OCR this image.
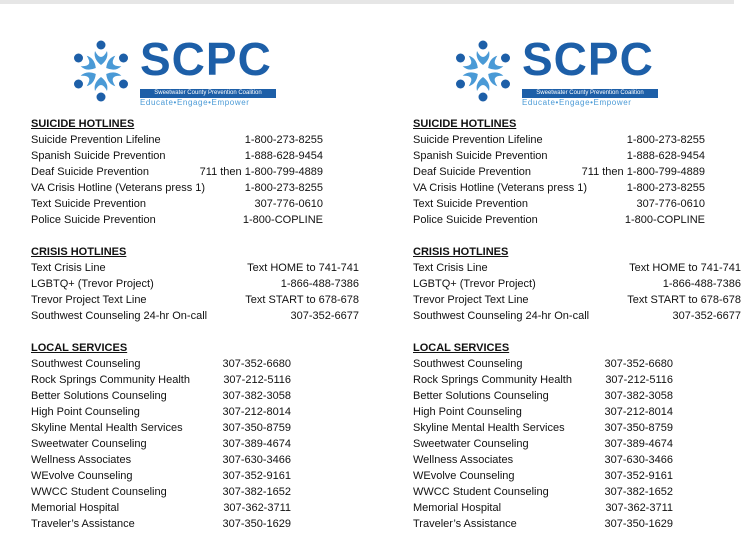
SCPC
Sweetwater County Prevention Coalition
Educate•Engage•Empower
SUICIDE HOTLINES
Suicide Prevention Lifeline	1-800-273-8255
Spanish Suicide Prevention	1-888-628-9454
Deaf Suicide Prevention	711 then 1-800-799-4889
VA Crisis Hotline (Veterans press 1)	1-800-273-8255
Text Suicide Prevention	307-776-0610
Police Suicide Prevention	1-800-COPLINE
CRISIS HOTLINES
Text Crisis Line	Text HOME to 741-741
LGBTQ+ (Trevor Project)	1-866-488-7386
Trevor Project Text Line	Text START to 678-678
Southwest Counseling 24-hr On-call	307-352-6677
LOCAL SERVICES
Southwest Counseling	307-352-6680
Rock Springs Community Health	307-212-5116
Better Solutions Counseling	307-382-3058
High Point Counseling	307-212-8014
Skyline Mental Health Services	307-350-8759
Sweetwater Counseling	307-389-4674
Wellness Associates	307-630-3466
WEvolve Counseling	307-352-9161
WWCC Student Counseling	307-382-1652
Memorial Hospital	307-362-3711
Traveler’s Assistance	307-350-1629
SCPC
Sweetwater County Prevention Coalition
Educate•Engage•Empower
SUICIDE HOTLINES
Suicide Prevention Lifeline	1-800-273-8255
Spanish Suicide Prevention	1-888-628-9454
Deaf Suicide Prevention	711 then 1-800-799-4889
VA Crisis Hotline (Veterans press 1)	1-800-273-8255
Text Suicide Prevention	307-776-0610
Police Suicide Prevention	1-800-COPLINE
CRISIS HOTLINES
Text Crisis Line	Text HOME to 741-741
LGBTQ+ (Trevor Project)	1-866-488-7386
Trevor Project Text Line	Text START to 678-678
Southwest Counseling 24-hr On-call	307-352-6677
LOCAL SERVICES
Southwest Counseling	307-352-6680
Rock Springs Community Health	307-212-5116
Better Solutions Counseling	307-382-3058
High Point Counseling	307-212-8014
Skyline Mental Health Services	307-350-8759
Sweetwater Counseling	307-389-4674
Wellness Associates	307-630-3466
WEvolve Counseling	307-352-9161
WWCC Student Counseling	307-382-1652
Memorial Hospital	307-362-3711
Traveler’s Assistance	307-350-1629
